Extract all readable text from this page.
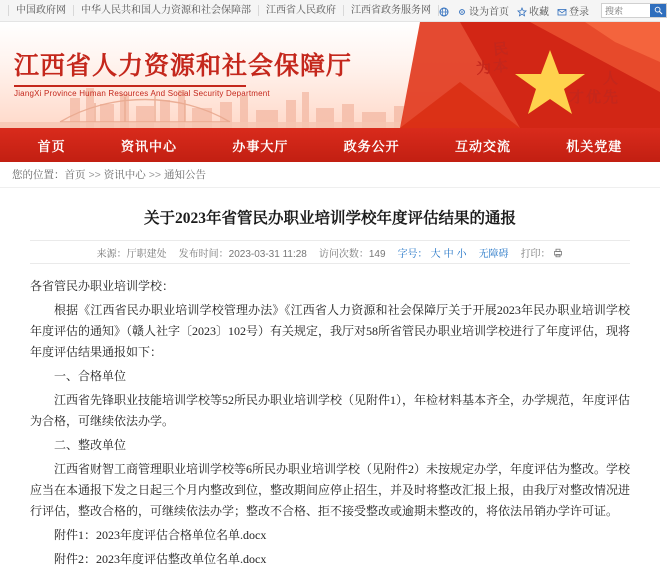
中国政府网	中华人民共和国人力资源和社会保障部	江西省人民政府	江西省政务服务网	设为首页 收藏 登录
搜索
民
为本
人
才优先
江西省人力资源和社会保障厅
JiangXi Province Human Resources And Social Security Department
首页	资讯中心	办事大厅	政务公开	互动交流	机关党建
您的位置： 首页 >> 资讯中心 >> 通知公告
关于2023年省管民办职业培训学校年度评估结果的通报
来源：厅职建处 发布时间：2023-03-31 11:28 访问次数：149 字号： 大 中 小 无障碍 打印：

各省管民办职业培训学校：

根据《江西省民办职业培训学校管理办法》《江西省人力资源和社会保障厅关于开展2023年民办职业培训学校年度评估的通知》（赣人社字〔2023〕102号）有关规定，我厅对58所省管民办职业培训学校进行了年度评估，现将年度评估结果通报如下：

一、合格单位

江西省先锋职业技能培训学校等52所民办职业培训学校（见附件1），年检材料基本齐全，办学规范，年度评估为合格，可继续依法办学。

二、整改单位

江西省财智工商管理职业培训学校等6所民办职业培训学校（见附件2）未按规定办学，年度评估为整改。学校应当在本通报下发之日起三个月内整改到位，整改期间应停止招生，并及时将整改汇报上报，由我厅对整改情况进行评估，整改合格的，可继续依法办学；整改不合格、拒不接受整改或逾期未整改的，将依法吊销办学许可证。

附件1：2023年度评估合格单位名单.docx

附件2：2023年度评估整改单位名单.docx
